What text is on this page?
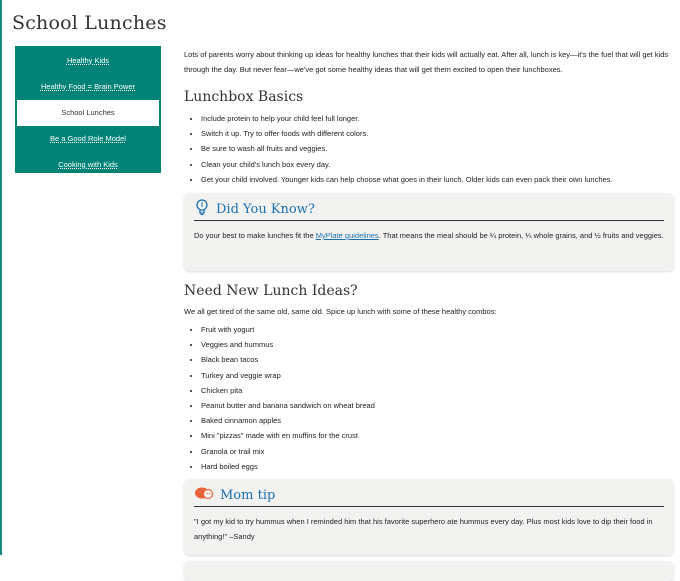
School Lunches
Healthy Kids
Healthy Food = Brain Power
School Lunches
Be a Good Role Model
Cooking with Kids

Lots of parents worry about thinking up ideas for healthy lunches that their kids will actually eat. After all, lunch is key—it's the fuel that will get kids through the day. But never fear—we've got some healthy ideas that will get them excited to open their lunchboxes.

Lunchbox Basics
• Include protein to help your child feel full longer.
• Switch it up. Try to offer foods with different colors.
• Be sure to wash all fruits and veggies.
• Clean your child's lunch box every day.
• Get your child involved. Younger kids can help choose what goes in their lunch. Older kids can even pack their own lunches.
Did You Know?

Do your best to make lunches fit the MyPlate guidelines. That means the meal should be ¼ protein, ¼ whole grains, and ½ fruits and veggies.

Need New Lunch Ideas?

We all get tired of the same old, same old. Spice up lunch with some of these healthy combos:

• Fruit with yogurt
• Veggies and hummus
• Black bean tacos
• Turkey and veggie wrap
• Chicken pita
• Peanut butter and banana sandwich on wheat bread
• Baked cinnamon apples
• Mini "pizzas" made with en muffins for the crust
• Granola or trail mix
• Hard boiled eggs
Mom tip

"I got my kid to try hummus when I reminded him that his favorite superhero ate hummus every day. Plus most kids love to dip their food in anything!" –Sandy
